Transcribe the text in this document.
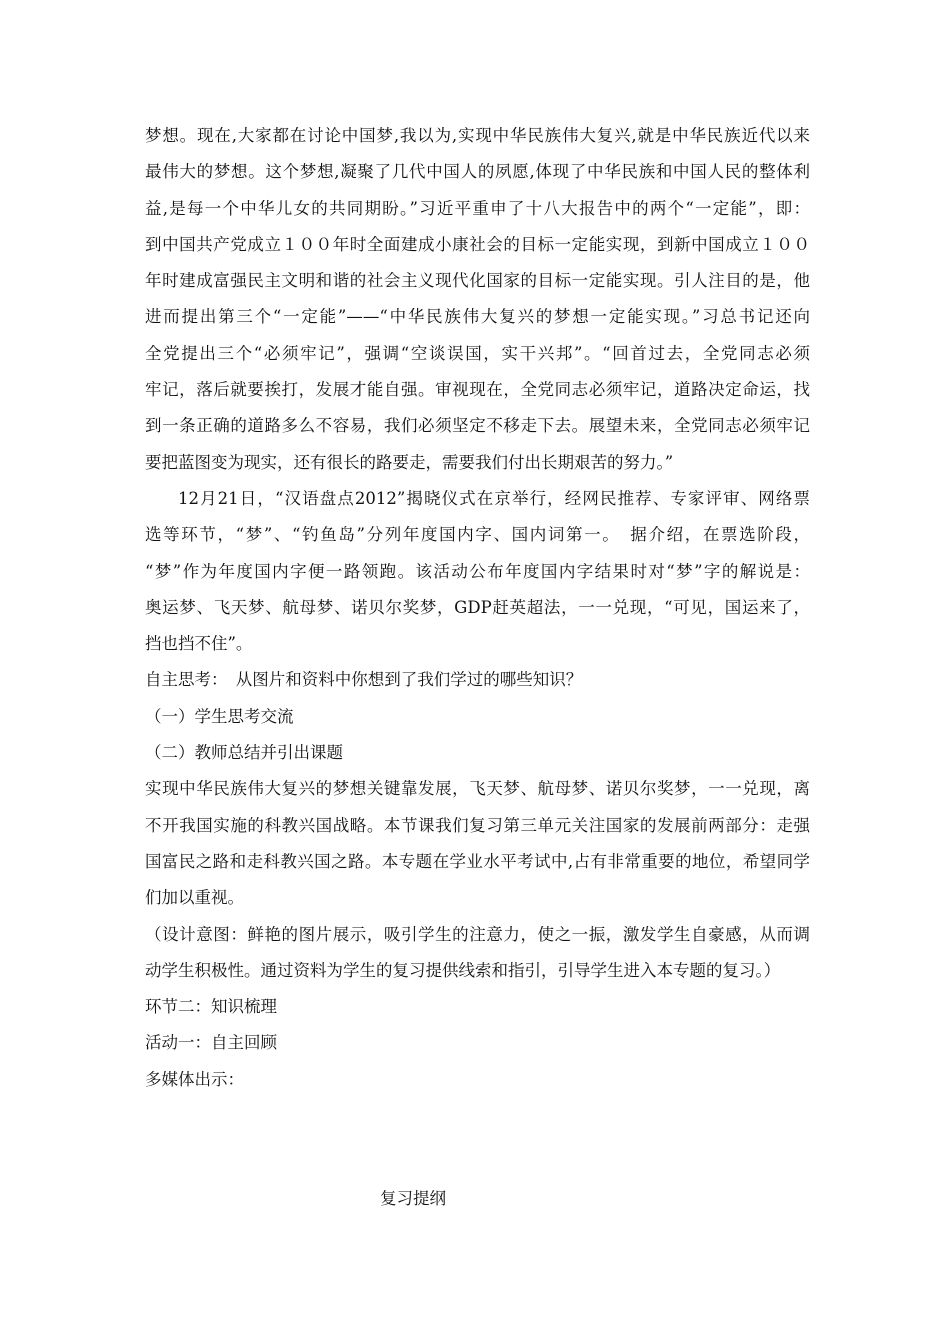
梦想。现在,大家都在讨论中国梦,我以为,实现中华民族伟大复兴,就是中华民族近代以来
最伟大的梦想。这个梦想,凝聚了几代中国人的夙愿,体现了中华民族和中国人民的整体利
益,是每一个中华儿女的共同期盼。”习近平重申了十八大报告中的两个“一定能”，即：
到中国共产党成立１００年时全面建成小康社会的目标一定能实现，到新中国成立１００
年时建成富强民主文明和谐的社会主义现代化国家的目标一定能实现。引人注目的是，他
进而提出第三个“一定能”——“中华民族伟大复兴的梦想一定能实现。”习总书记还向
全党提出三个“必须牢记”，强调“空谈误国，实干兴邦”。“回首过去，全党同志必须
牢记，落后就要挨打，发展才能自强。审视现在，全党同志必须牢记，道路决定命运，找
到一条正确的道路多么不容易，我们必须坚定不移走下去。展望未来，全党同志必须牢记
要把蓝图变为现实，还有很长的路要走，需要我们付出长期艰苦的努力。”
12月21日，“汉语盘点2012”揭晓仪式在京举行，经网民推荐、专家评审、网络票
选等环节，“梦”、“钓鱼岛”分列年度国内字、国内词第一。　据介绍，在票选阶段，
“梦”作为年度国内字便一路领跑。该活动公布年度国内字结果时对“梦”字的解说是：
奥运梦、飞天梦、航母梦、诺贝尔奖梦，GDP赶英超法，一一兑现，“可见，国运来了，
挡也挡不住”。
自主思考：　从图片和资料中你想到了我们学过的哪些知识？
（一）学生思考交流
（二）教师总结并引出课题
实现中华民族伟大复兴的梦想关键靠发展，飞天梦、航母梦、诺贝尔奖梦，一一兑现，离
不开我国实施的科教兴国战略。本节课我们复习第三单元关注国家的发展前两部分：走强
国富民之路和走科教兴国之路。本专题在学业水平考试中,占有非常重要的地位，希望同学
们加以重视。
（设计意图：鲜艳的图片展示，吸引学生的注意力，使之一振，激发学生自豪感，从而调
动学生积极性。通过资料为学生的复习提供线索和指引，引导学生进入本专题的复习。）
环节二：知识梳理
活动一：自主回顾
多媒体出示：
复习提纲
